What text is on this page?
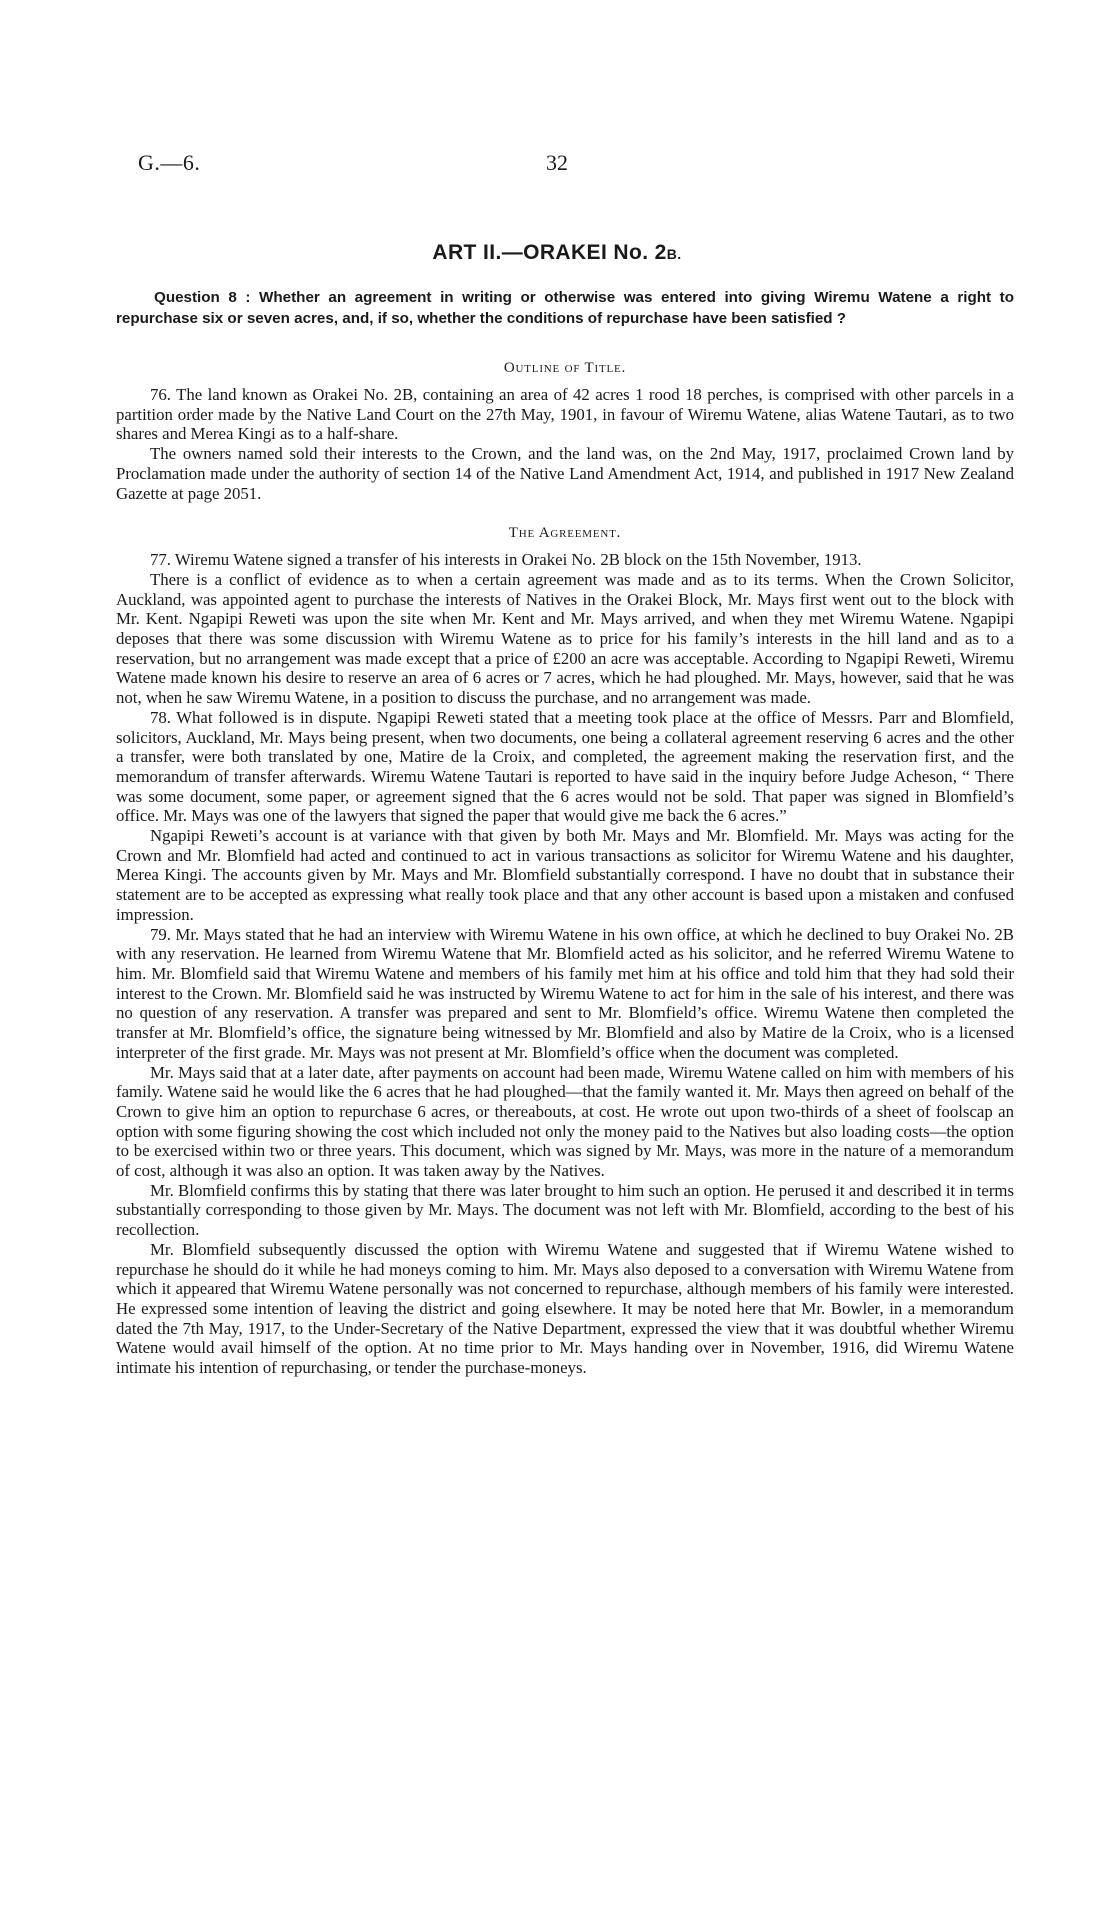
G.—6.	32
ART II.—ORAKEI No. 2B.

Question 8 : Whether an agreement in writing or otherwise was entered into giving Wiremu Watene a right to repurchase six or seven acres, and, if so, whether the conditions of repurchase have been satisfied ?

Outline of Title.

76. The land known as Orakei No. 2B, containing an area of 42 acres 1 rood 18 perches, is comprised with other parcels in a partition order made by the Native Land Court on the 27th May, 1901, in favour of Wiremu Watene, alias Watene Tautari, as to two shares and Merea Kingi as to a half-share.

The owners named sold their interests to the Crown, and the land was, on the 2nd May, 1917, proclaimed Crown land by Proclamation made under the authority of section 14 of the Native Land Amendment Act, 1914, and published in 1917 New Zealand Gazette at page 2051.

The Agreement.

77. Wiremu Watene signed a transfer of his interests in Orakei No. 2B block on the 15th November, 1913.

There is a conflict of evidence as to when a certain agreement was made and as to its terms. When the Crown Solicitor, Auckland, was appointed agent to purchase the interests of Natives in the Orakei Block, Mr. Mays first went out to the block with Mr. Kent. Ngapipi Reweti was upon the site when Mr. Kent and Mr. Mays arrived, and when they met Wiremu Watene. Ngapipi deposes that there was some discussion with Wiremu Watene as to price for his family’s interests in the hill land and as to a reservation, but no arrangement was made except that a price of £200 an acre was acceptable. According to Ngapipi Reweti, Wiremu Watene made known his desire to reserve an area of 6 acres or 7 acres, which he had ploughed. Mr. Mays, however, said that he was not, when he saw Wiremu Watene, in a position to discuss the purchase, and no arrangement was made.

78. What followed is in dispute. Ngapipi Reweti stated that a meeting took place at the office of Messrs. Parr and Blomfield, solicitors, Auckland, Mr. Mays being present, when two documents, one being a collateral agreement reserving 6 acres and the other a transfer, were both translated by one, Matire de la Croix, and completed, the agreement making the reservation first, and the memorandum of transfer afterwards. Wiremu Watene Tautari is reported to have said in the inquiry before Judge Acheson, “ There was some document, some paper, or agreement signed that the 6 acres would not be sold. That paper was signed in Blomfield’s office. Mr. Mays was one of the lawyers that signed the paper that would give me back the 6 acres.”

Ngapipi Reweti’s account is at variance with that given by both Mr. Mays and Mr. Blomfield. Mr. Mays was acting for the Crown and Mr. Blomfield had acted and continued to act in various transactions as solicitor for Wiremu Watene and his daughter, Merea Kingi. The accounts given by Mr. Mays and Mr. Blomfield substantially correspond. I have no doubt that in substance their statement are to be accepted as expressing what really took place and that any other account is based upon a mistaken and confused impression.

79. Mr. Mays stated that he had an interview with Wiremu Watene in his own office, at which he declined to buy Orakei No. 2B with any reservation. He learned from Wiremu Watene that Mr. Blomfield acted as his solicitor, and he referred Wiremu Watene to him. Mr. Blomfield said that Wiremu Watene and members of his family met him at his office and told him that they had sold their interest to the Crown. Mr. Blomfield said he was instructed by Wiremu Watene to act for him in the sale of his interest, and there was no question of any reservation. A transfer was prepared and sent to Mr. Blomfield’s office. Wiremu Watene then completed the transfer at Mr. Blomfield’s office, the signature being witnessed by Mr. Blomfield and also by Matire de la Croix, who is a licensed interpreter of the first grade. Mr. Mays was not present at Mr. Blomfield’s office when the document was completed.

Mr. Mays said that at a later date, after payments on account had been made, Wiremu Watene called on him with members of his family. Watene said he would like the 6 acres that he had ploughed—that the family wanted it. Mr. Mays then agreed on behalf of the Crown to give him an option to repurchase 6 acres, or thereabouts, at cost. He wrote out upon two-thirds of a sheet of foolscap an option with some figuring showing the cost which included not only the money paid to the Natives but also loading costs—the option to be exercised within two or three years. This document, which was signed by Mr. Mays, was more in the nature of a memorandum of cost, although it was also an option. It was taken away by the Natives.

Mr. Blomfield confirms this by stating that there was later brought to him such an option. He perused it and described it in terms substantially corresponding to those given by Mr. Mays. The document was not left with Mr. Blomfield, according to the best of his recollection.

Mr. Blomfield subsequently discussed the option with Wiremu Watene and suggested that if Wiremu Watene wished to repurchase he should do it while he had moneys coming to him. Mr. Mays also deposed to a conversation with Wiremu Watene from which it appeared that Wiremu Watene personally was not concerned to repurchase, although members of his family were interested. He expressed some intention of leaving the district and going elsewhere. It may be noted here that Mr. Bowler, in a memorandum dated the 7th May, 1917, to the Under-Secretary of the Native Department, expressed the view that it was doubtful whether Wiremu Watene would avail himself of the option. At no time prior to Mr. Mays handing over in November, 1916, did Wiremu Watene intimate his intention of repurchasing, or tender the purchase-moneys.
